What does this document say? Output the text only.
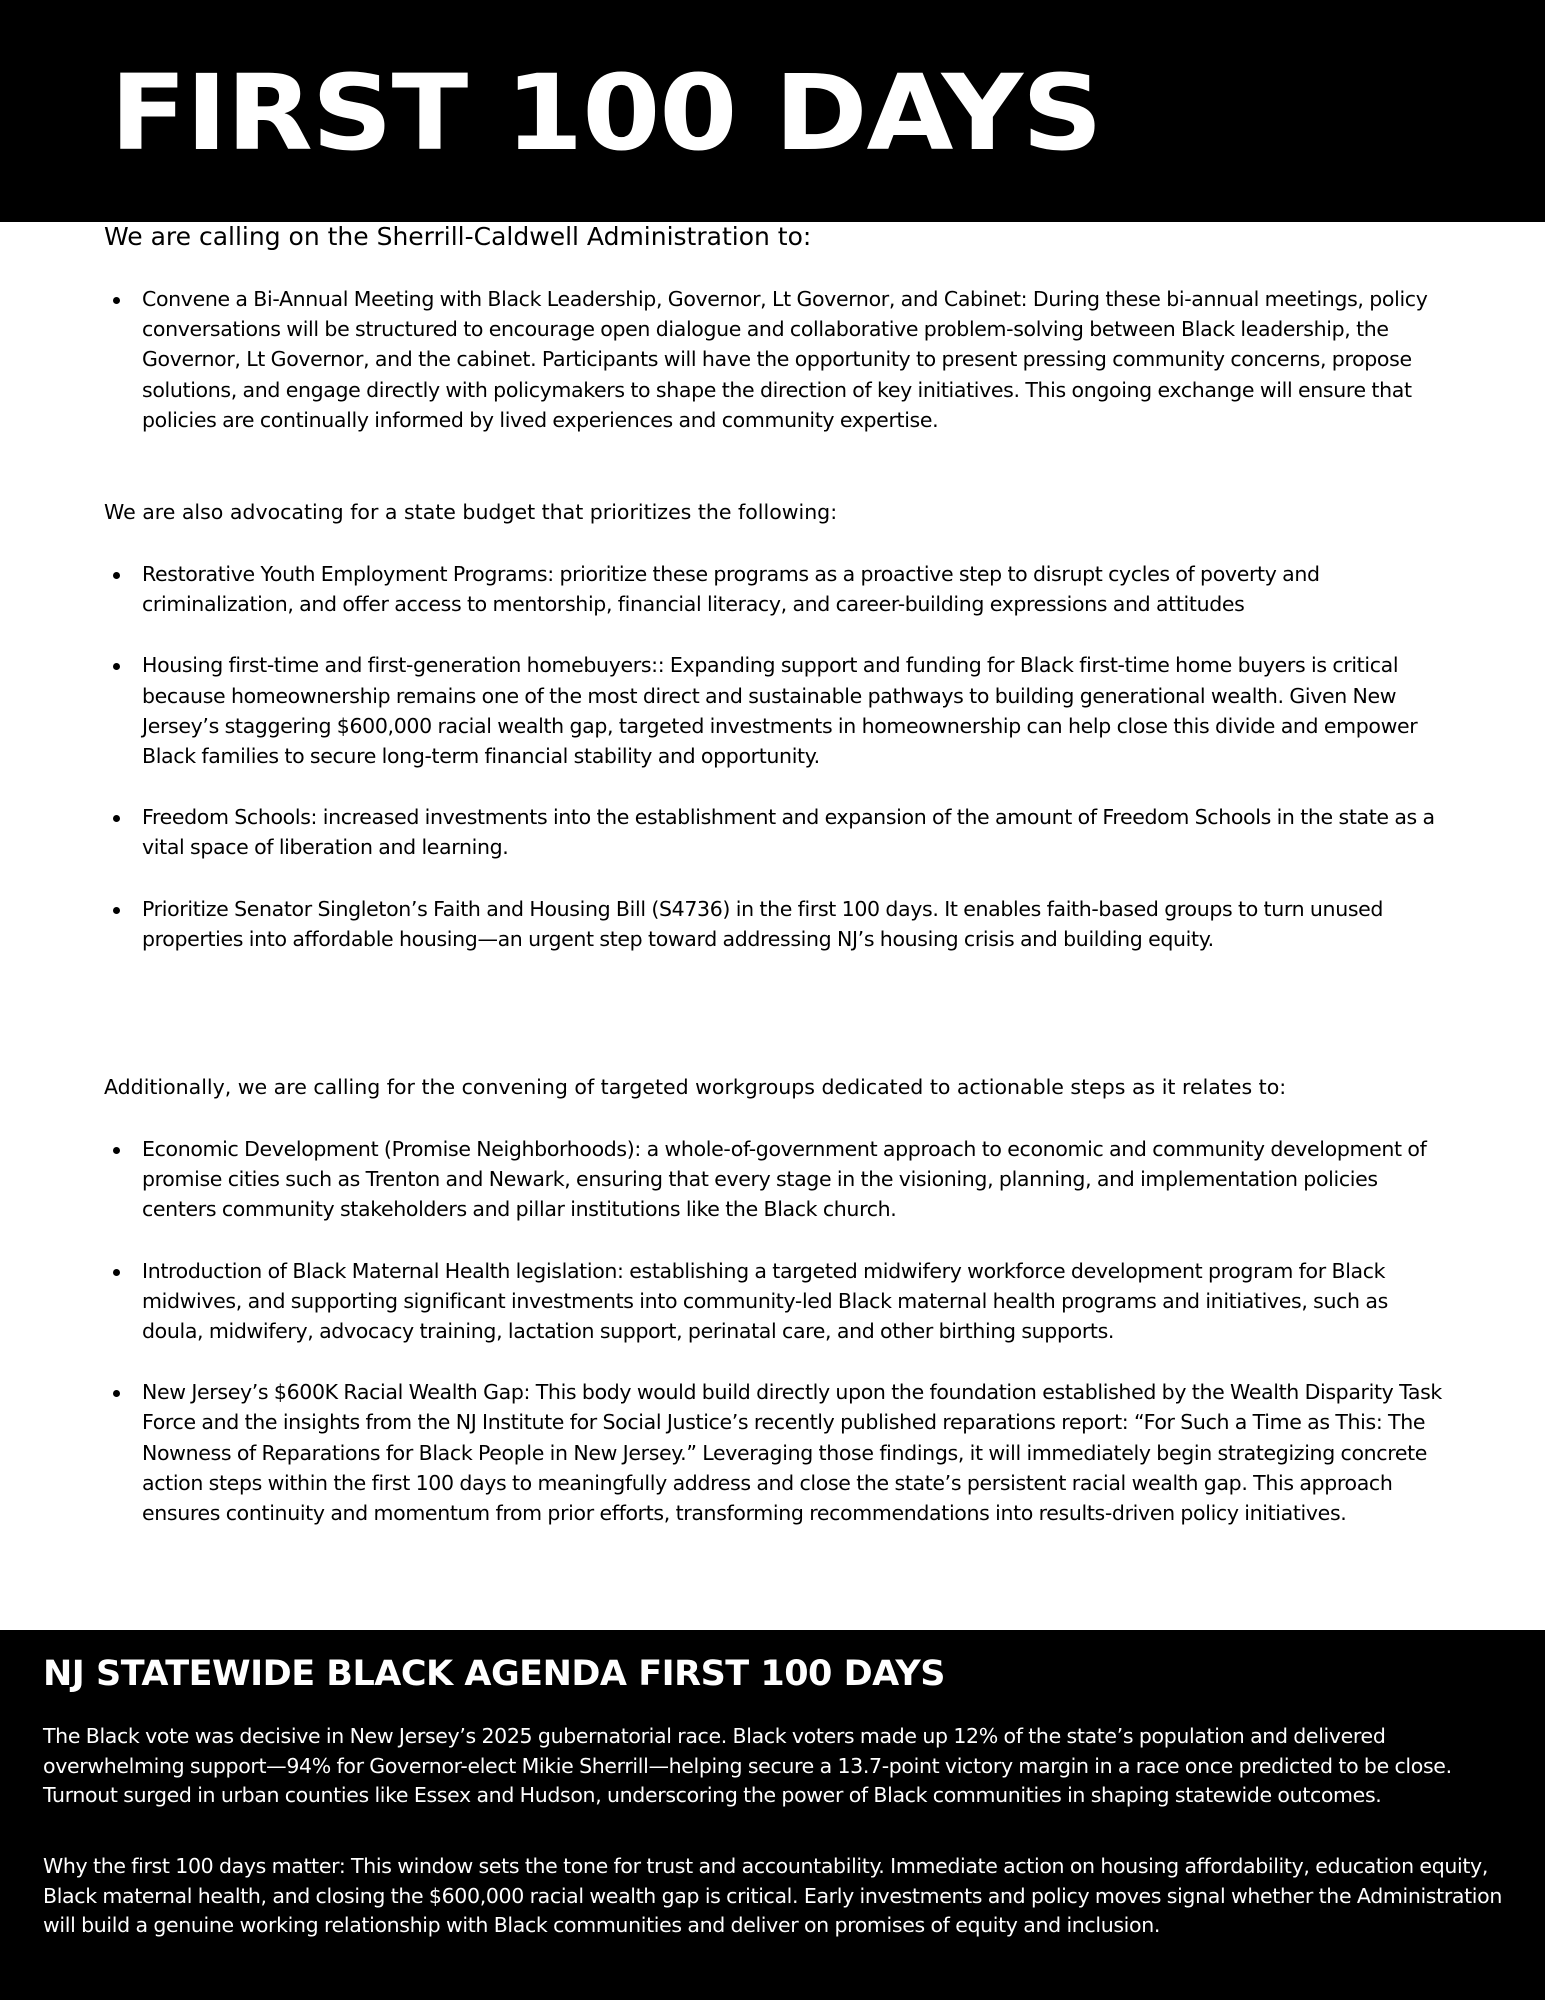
FIRST 100 DAYS
We are calling on the Sherrill-Caldwell Administration to:
Convene a Bi-Annual Meeting with Black Leadership, Governor, Lt Governor, and Cabinet: During these bi-annual meetings, policy conversations will be structured to encourage open dialogue and collaborative problem-solving between Black leadership, the Governor, Lt Governor, and the cabinet. Participants will have the opportunity to present pressing community concerns, propose solutions, and engage directly with policymakers to shape the direction of key initiatives. This ongoing exchange will ensure that policies are continually informed by lived experiences and community expertise.
We are also advocating for a state budget that prioritizes the following:
Restorative Youth Employment Programs: prioritize these programs as a proactive step to disrupt cycles of poverty and criminalization, and offer access to mentorship, financial literacy, and career-building expressions and attitudes
Housing first-time and first-generation homebuyers:: Expanding support and funding for Black first-time home buyers is critical because homeownership remains one of the most direct and sustainable pathways to building generational wealth. Given New Jersey’s staggering $600,000 racial wealth gap, targeted investments in homeownership can help close this divide and empower Black families to secure long-term financial stability and opportunity.
Freedom Schools: increased investments into the establishment and expansion of the amount of Freedom Schools in the state as a vital space of liberation and learning.
Prioritize Senator Singleton’s Faith and Housing Bill (S4736) in the first 100 days. It enables faith-based groups to turn unused properties into affordable housing—an urgent step toward addressing NJ’s housing crisis and building equity.
Additionally, we are calling for the convening of targeted workgroups dedicated to actionable steps as it relates to:
Economic Development (Promise Neighborhoods): a whole-of-government approach to economic and community development of promise cities such as Trenton and Newark, ensuring that every stage in the visioning, planning, and implementation policies centers community stakeholders and pillar institutions like the Black church.
Introduction of Black Maternal Health legislation: establishing a targeted midwifery workforce development program for Black midwives, and supporting significant investments into community-led Black maternal health programs and initiatives, such as doula, midwifery, advocacy training, lactation support, perinatal care, and other birthing supports.
New Jersey’s $600K Racial Wealth Gap: This body would build directly upon the foundation established by the Wealth Disparity Task Force and the insights from the NJ Institute for Social Justice’s recently published reparations report: “For Such a Time as This: The Nowness of Reparations for Black People in New Jersey.” Leveraging those findings, it will immediately begin strategizing concrete action steps within the first 100 days to meaningfully address and close the state’s persistent racial wealth gap. This approach ensures continuity and momentum from prior efforts, transforming recommendations into results-driven policy initiatives.
NJ STATEWIDE BLACK AGENDA FIRST 100 DAYS

The Black vote was decisive in New Jersey’s 2025 gubernatorial race. Black voters made up 12% of the state’s population and delivered overwhelming support—94% for Governor-elect Mikie Sherrill—helping secure a 13.7-point victory margin in a race once predicted to be close. Turnout surged in urban counties like Essex and Hudson, underscoring the power of Black communities in shaping statewide outcomes.

Why the first 100 days matter: This window sets the tone for trust and accountability. Immediate action on housing affordability, education equity, Black maternal health, and closing the $600,000 racial wealth gap is critical. Early investments and policy moves signal whether the Administration will build a genuine working relationship with Black communities and deliver on promises of equity and inclusion.
